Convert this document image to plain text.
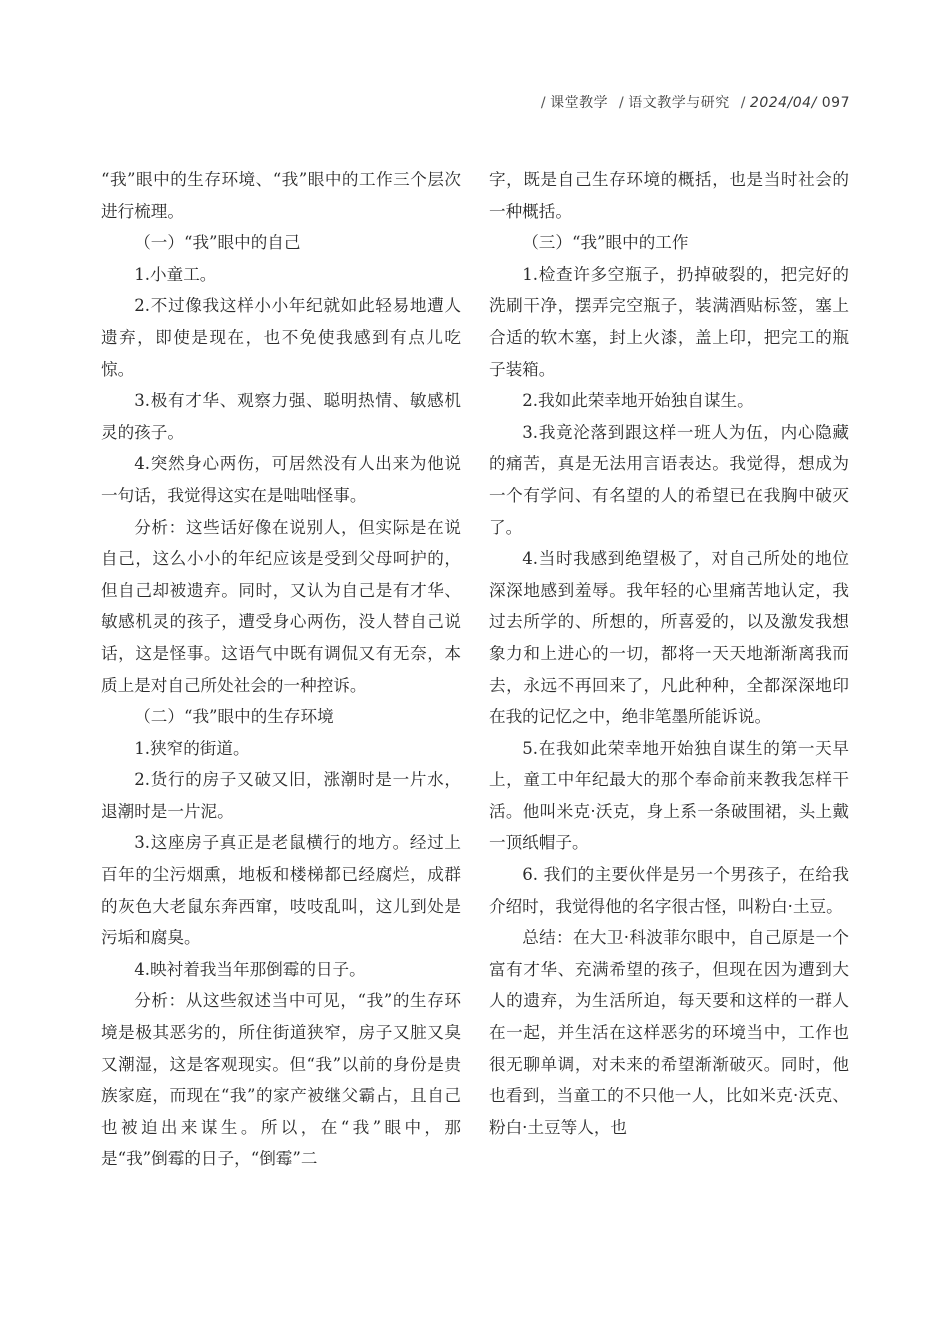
/ 课堂教学 / 语文教学与研究 / 2024/04/ 097

“我”眼中的生存环境、“我”眼中的工作三个层次进行梳理。

（一）“我”眼中的自己

1.小童工。

2.不过像我这样小小年纪就如此轻易地遭人遗弃，即使是现在，也不免使我感到有点儿吃惊。

3.极有才华、观察力强、聪明热情、敏感机灵的孩子。

4.突然身心两伤，可居然没有人出来为他说一句话，我觉得这实在是咄咄怪事。

分析：这些话好像在说别人，但实际是在说自己，这么小小的年纪应该是受到父母呵护的，但自己却被遗弃。同时，又认为自己是有才华、敏感机灵的孩子，遭受身心两伤，没人替自己说话，这是怪事。这语气中既有调侃又有无奈，本质上是对自己所处社会的一种控诉。

（二）“我”眼中的生存环境

1.狭窄的街道。

2.货行的房子又破又旧，涨潮时是一片水，退潮时是一片泥。

3.这座房子真正是老鼠横行的地方。经过上百年的尘污烟熏，地板和楼梯都已经腐烂，成群的灰色大老鼠东奔西窜，吱吱乱叫，这儿到处是污垢和腐臭。

4.映衬着我当年那倒霉的日子。

分析：从这些叙述当中可见，“我”的生存环境是极其恶劣的，所住街道狭窄，房子又脏又臭又潮湿，这是客观现实。但“我”以前的身份是贵族家庭，而现在“我”的家产被继父霸占，且自己也被迫出来谋生。所以，在“我”眼中，那是“我”倒霉的日子，“倒霉”二

字，既是自己生存环境的概括，也是当时社会的一种概括。

（三）“我”眼中的工作

1.检查许多空瓶子，扔掉破裂的，把完好的洗刷干净，摆弄完空瓶子，装满酒贴标签，塞上合适的软木塞，封上火漆，盖上印，把完工的瓶子装箱。

2.我如此荣幸地开始独自谋生。

3.我竟沦落到跟这样一班人为伍，内心隐藏的痛苦，真是无法用言语表达。我觉得，想成为一个有学问、有名望的人的希望已在我胸中破灭了。

4.当时我感到绝望极了，对自己所处的地位深深地感到羞辱。我年轻的心里痛苦地认定，我过去所学的、所想的，所喜爱的，以及激发我想象力和上进心的一切，都将一天天地渐渐离我而去，永远不再回来了，凡此种种，全都深深地印在我的记忆之中，绝非笔墨所能诉说。

5.在我如此荣幸地开始独自谋生的第一天早上，童工中年纪最大的那个奉命前来教我怎样干活。他叫米克·沃克，身上系一条破围裙，头上戴一顶纸帽子。

6. 我们的主要伙伴是另一个男孩子，在给我介绍时，我觉得他的名字很古怪，叫粉白·土豆。

总结：在大卫·科波菲尔眼中，自己原是一个富有才华、充满希望的孩子，但现在因为遭到大人的遗弃，为生活所迫，每天要和这样的一群人在一起，并生活在这样恶劣的环境当中，工作也很无聊单调，对未来的希望渐渐破灭。同时，他也看到，当童工的不只他一人，比如米克·沃克、粉白·土豆等人，也
